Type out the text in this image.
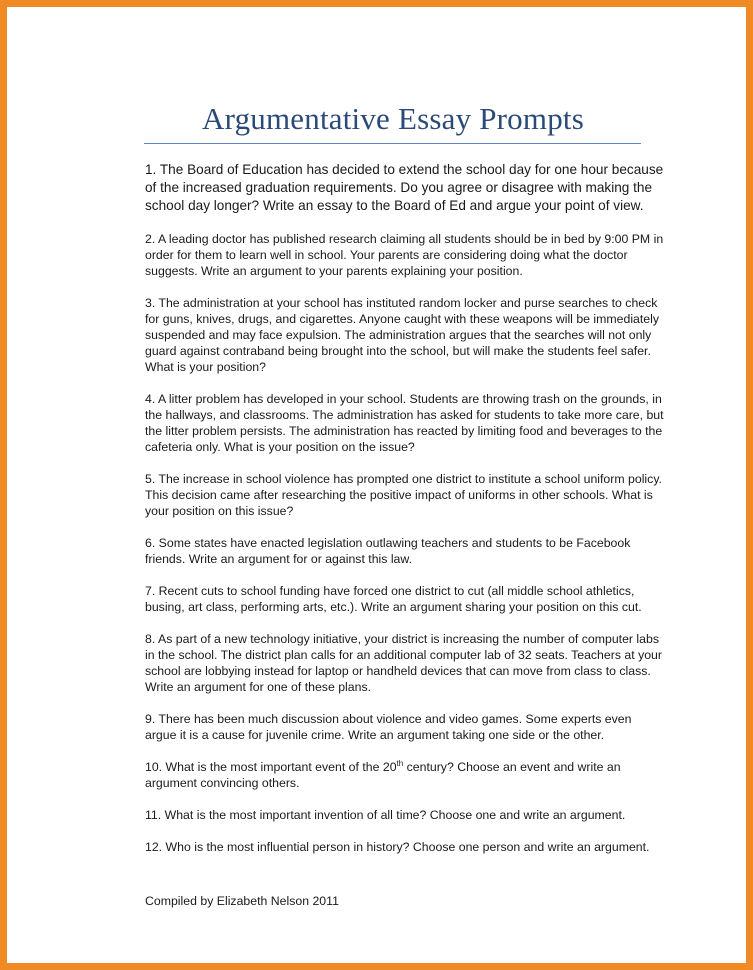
Argumentative Essay Prompts

1. The Board of Education has decided to extend the school day for one hour because of the increased graduation requirements. Do you agree or disagree with making the school day longer? Write an essay to the Board of Ed and argue your point of view.

2. A leading doctor has published research claiming all students should be in bed by 9:00 PM in order for them to learn well in school. Your parents are considering doing what the doctor suggests. Write an argument to your parents explaining your position.

3. The administration at your school has instituted random locker and purse searches to check for guns, knives, drugs, and cigarettes. Anyone caught with these weapons will be immediately suspended and may face expulsion. The administration argues that the searches will not only guard against contraband being brought into the school, but will make the students feel safer. What is your position?

4. A litter problem has developed in your school. Students are throwing trash on the grounds, in the hallways, and classrooms. The administration has asked for students to take more care, but the litter problem persists. The administration has reacted by limiting food and beverages to the cafeteria only. What is your position on the issue?

5. The increase in school violence has prompted one district to institute a school uniform policy. This decision came after researching the positive impact of uniforms in other schools. What is your position on this issue?

6. Some states have enacted legislation outlawing teachers and students to be Facebook friends. Write an argument for or against this law.

7. Recent cuts to school funding have forced one district to cut (all middle school athletics, busing, art class, performing arts, etc.). Write an argument sharing your position on this cut.

8. As part of a new technology initiative, your district is increasing the number of computer labs in the school. The district plan calls for an additional computer lab of 32 seats. Teachers at your school are lobbying instead for laptop or handheld devices that can move from class to class. Write an argument for one of these plans.

9. There has been much discussion about violence and video games. Some experts even argue it is a cause for juvenile crime. Write an argument taking one side or the other.

10. What is the most important event of the 20th century? Choose an event and write an argument convincing others.

11. What is the most important invention of all time? Choose one and write an argument.

12. Who is the most influential person in history? Choose one person and write an argument.

Compiled by Elizabeth Nelson 2011
